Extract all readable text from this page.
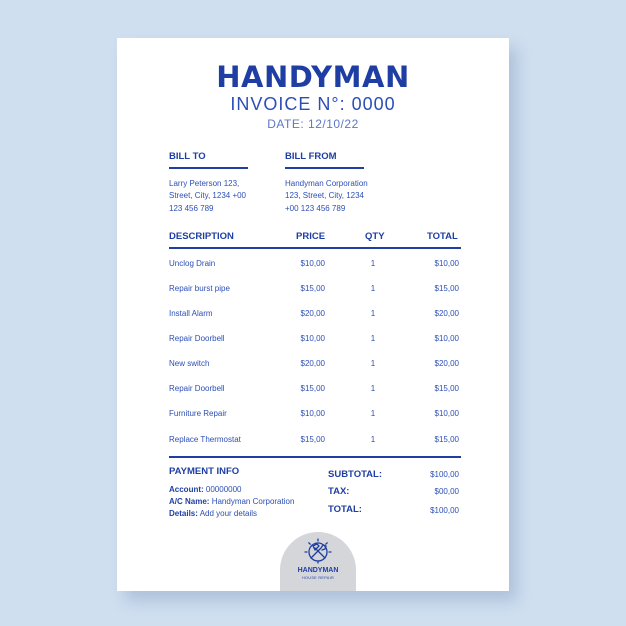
HANDYMAN
INVOICE N°: 0000
DATE: 12/10/22
BILL TO
Larry Peterson 123,
Street, City, 1234 +00
123 456 789
BILL FROM
Handyman Corporation
123, Street, City, 1234
+00 123 456 789
DESCRIPTION	PRICE	QTY	TOTAL
Unclog Drain	$10,00	1	$10,00
Repair burst pipe	$15,00	1	$15,00
Install Alarm	$20,00	1	$20,00
Repair Doorbell	$10,00	1	$10,00
New switch	$20,00	1	$20,00
Repair Doorbell	$15,00	1	$15,00
Furniture Repair	$10,00	1	$10,00
Replace Thermostat	$15,00	1	$15,00
PAYMENT INFO
Account: 00000000
A/C Name: Handyman Corporation
Details: Add your details
SUBTOTAL:	$100,00
TAX:	$00,00
TOTAL:	$100,00
HANDYMAN
HOUSE REPAIR
